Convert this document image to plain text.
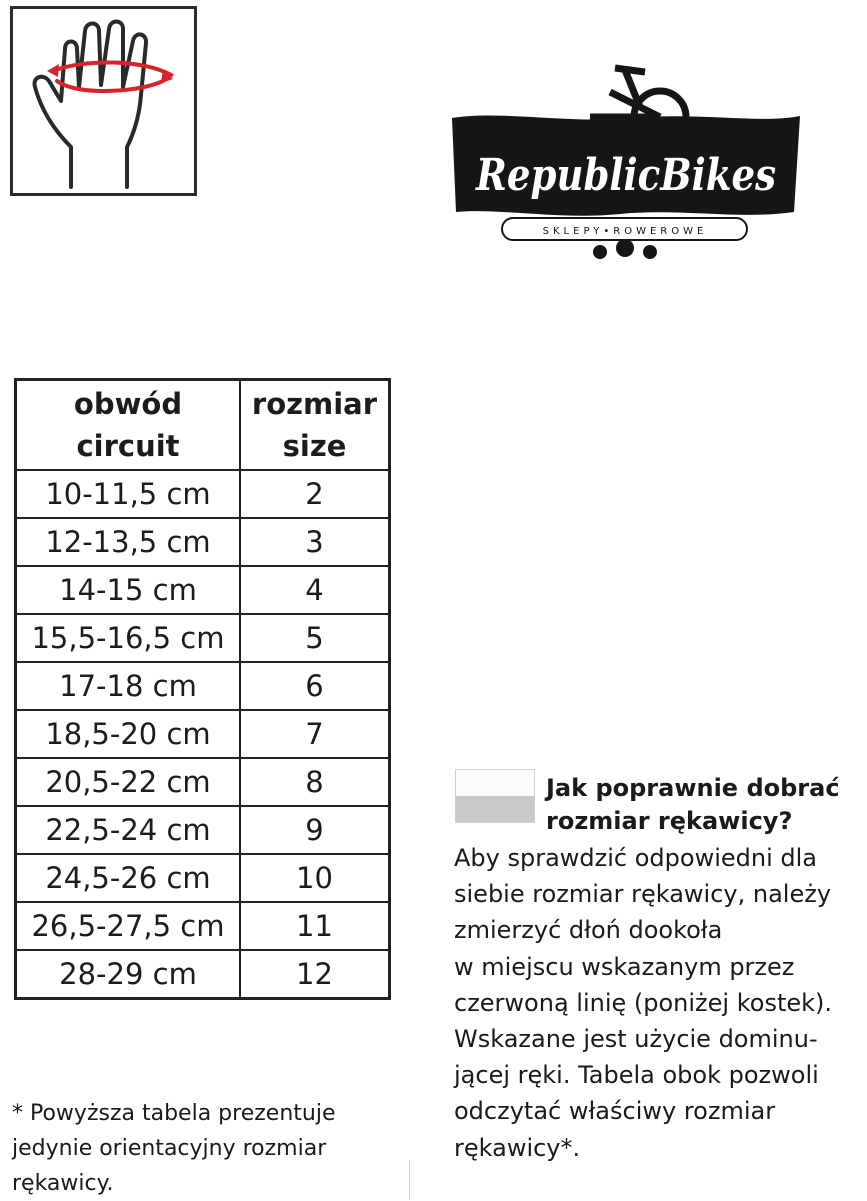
RepublicBikes
SKLEPY•ROWEROWE
obwód
circuit	rozmiar
size

10-11,5 cm	2
12-13,5 cm	3
14-15 cm	4
15,5-16,5 cm	5
17-18 cm	6
18,5-20 cm	7
20,5-22 cm	8
22,5-24 cm	9
24,5-26 cm	10
26,5-27,5 cm	11
28-29 cm	12
Jak poprawnie dobrać
rozmiar rękawicy?
Aby sprawdzić odpowiedni dla
siebie rozmiar rękawicy, należy
zmierzyć dłoń dookoła
w miejscu wskazanym przez
czerwoną linię (poniżej kostek).
Wskazane jest użycie dominu-
jącej ręki. Tabela obok pozwoli
odczytać właściwy rozmiar
rękawicy*.
* Powyższa tabela prezentuje
jedynie orientacyjny rozmiar
rękawicy.
